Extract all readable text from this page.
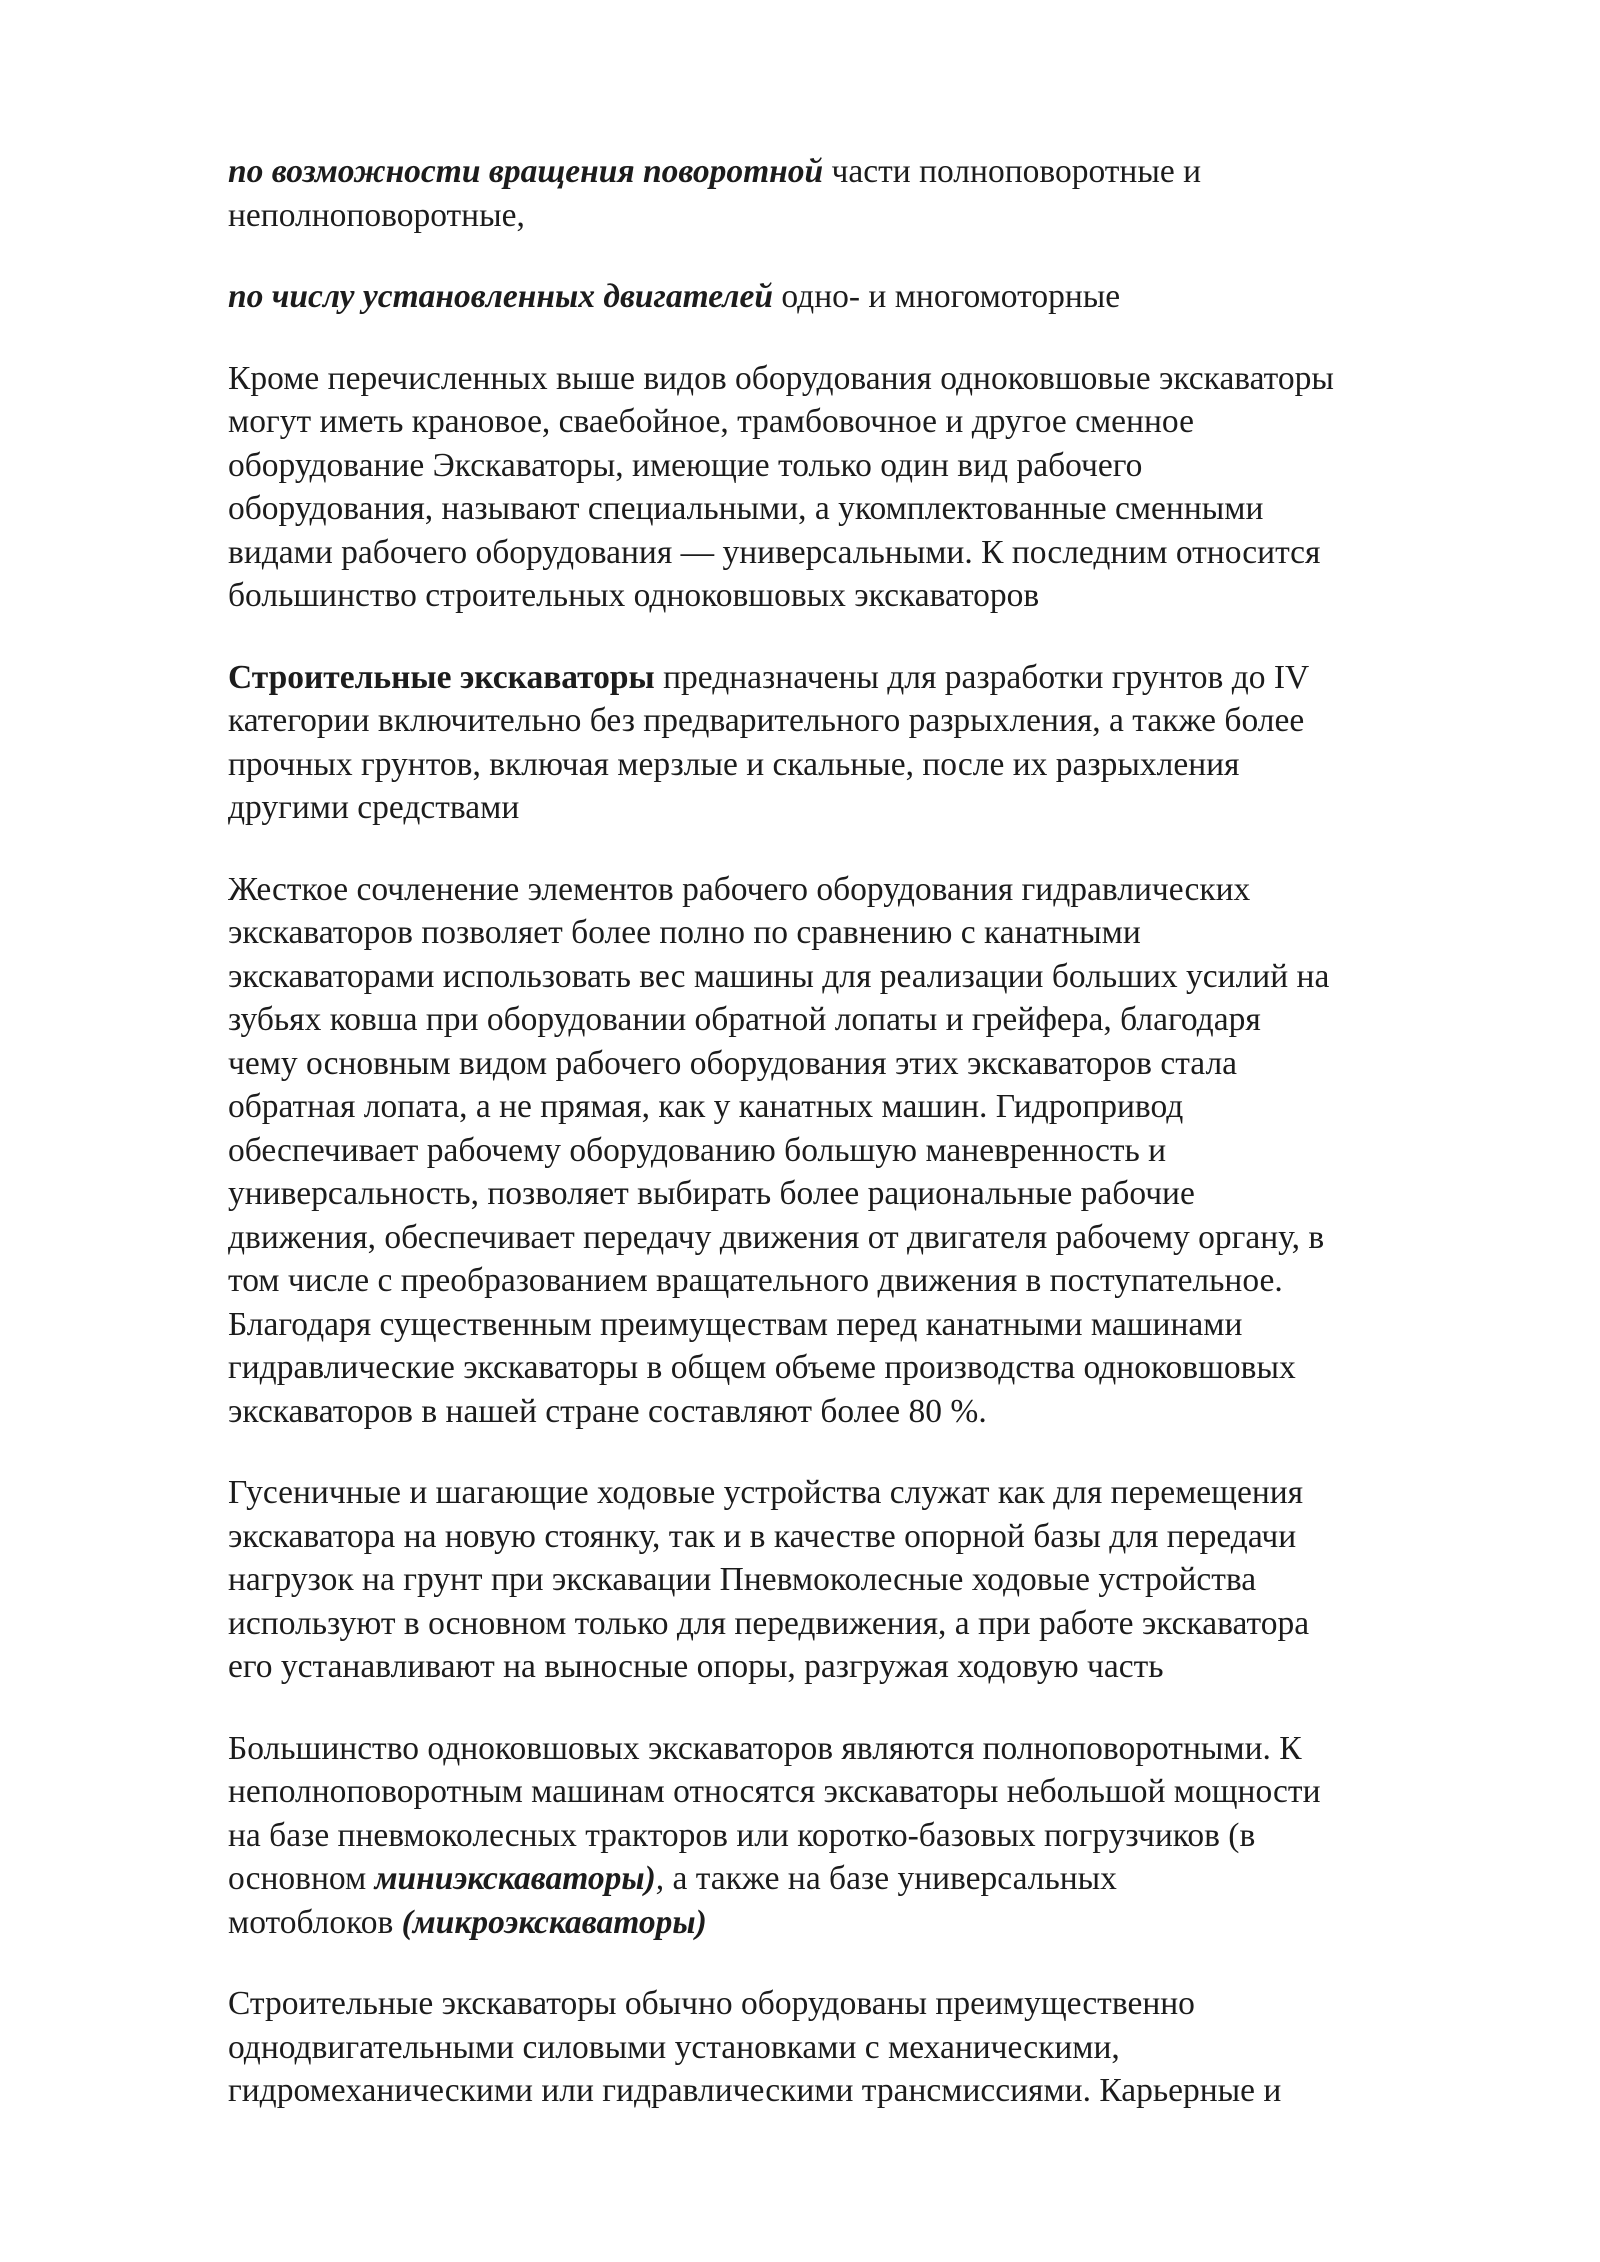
по возможности вращения поворотной части полноповоротные и
неполноповоротные,

по числу установленных двигателей одно- и многомоторные

Кроме перечисленных выше видов оборудования одноковшовые экскаваторы
могут иметь крановое, сваебойное, трамбовочное и другое сменное
оборудование Экскаваторы, имеющие только один вид рабочего
оборудования, называют специальными, а укомплектованные сменными
видами рабочего оборудования — универсальными. К последним относится
большинство строительных одноковшовых экскаваторов

Строительные экскаваторы предназначены для разработки грунтов до IV
категории включительно без предварительного разрыхления, а также более
прочных грунтов, включая мерзлые и скальные, после их разрыхления
другими средствами

Жесткое сочленение элементов рабочего оборудования гидравлических
экскаваторов позволяет более полно по сравнению с канатными
экскаваторами использовать вес машины для реализации больших усилий на
зубьях ковша при оборудовании обратной лопаты и грейфера, благодаря
чему основным видом рабочего оборудования этих экскаваторов стала
обратная лопата, а не прямая, как у канатных машин. Гидропривод
обеспечивает рабочему оборудованию большую маневренность и
универсальность, позволяет выбирать более рациональные рабочие
движения, обеспечивает передачу движения от двигателя рабочему органу, в
том числе с преобразованием вращательного движения в поступательное.
Благодаря существенным преимуществам перед канатными машинами
гидравлические экскаваторы в общем объеме производства одноковшовых
экскаваторов в нашей стране составляют более 80 %.

Гусеничные и шагающие ходовые устройства служат как для перемещения
экскаватора на новую стоянку, так и в качестве опорной базы для передачи
нагрузок на грунт при экскавации Пневмоколесные ходовые устройства
используют в основном только для передвижения, а при работе экскаватора
его устанавливают на выносные опоры, разгружая ходовую часть

Большинство одноковшовых экскаваторов являются полноповоротными. К
неполноповоротным машинам относятся экскаваторы небольшой мощности
на базе пневмоколесных тракторов или коротко-базовых погрузчиков (в
основном миниэкскаваторы), а также на базе универсальных
мотоблоков (микроэкскаваторы)

Строительные экскаваторы обычно оборудованы преимущественно
однодвигательными силовыми установками с механическими,
гидромеханическими или гидравлическими трансмиссиями. Карьерные и
